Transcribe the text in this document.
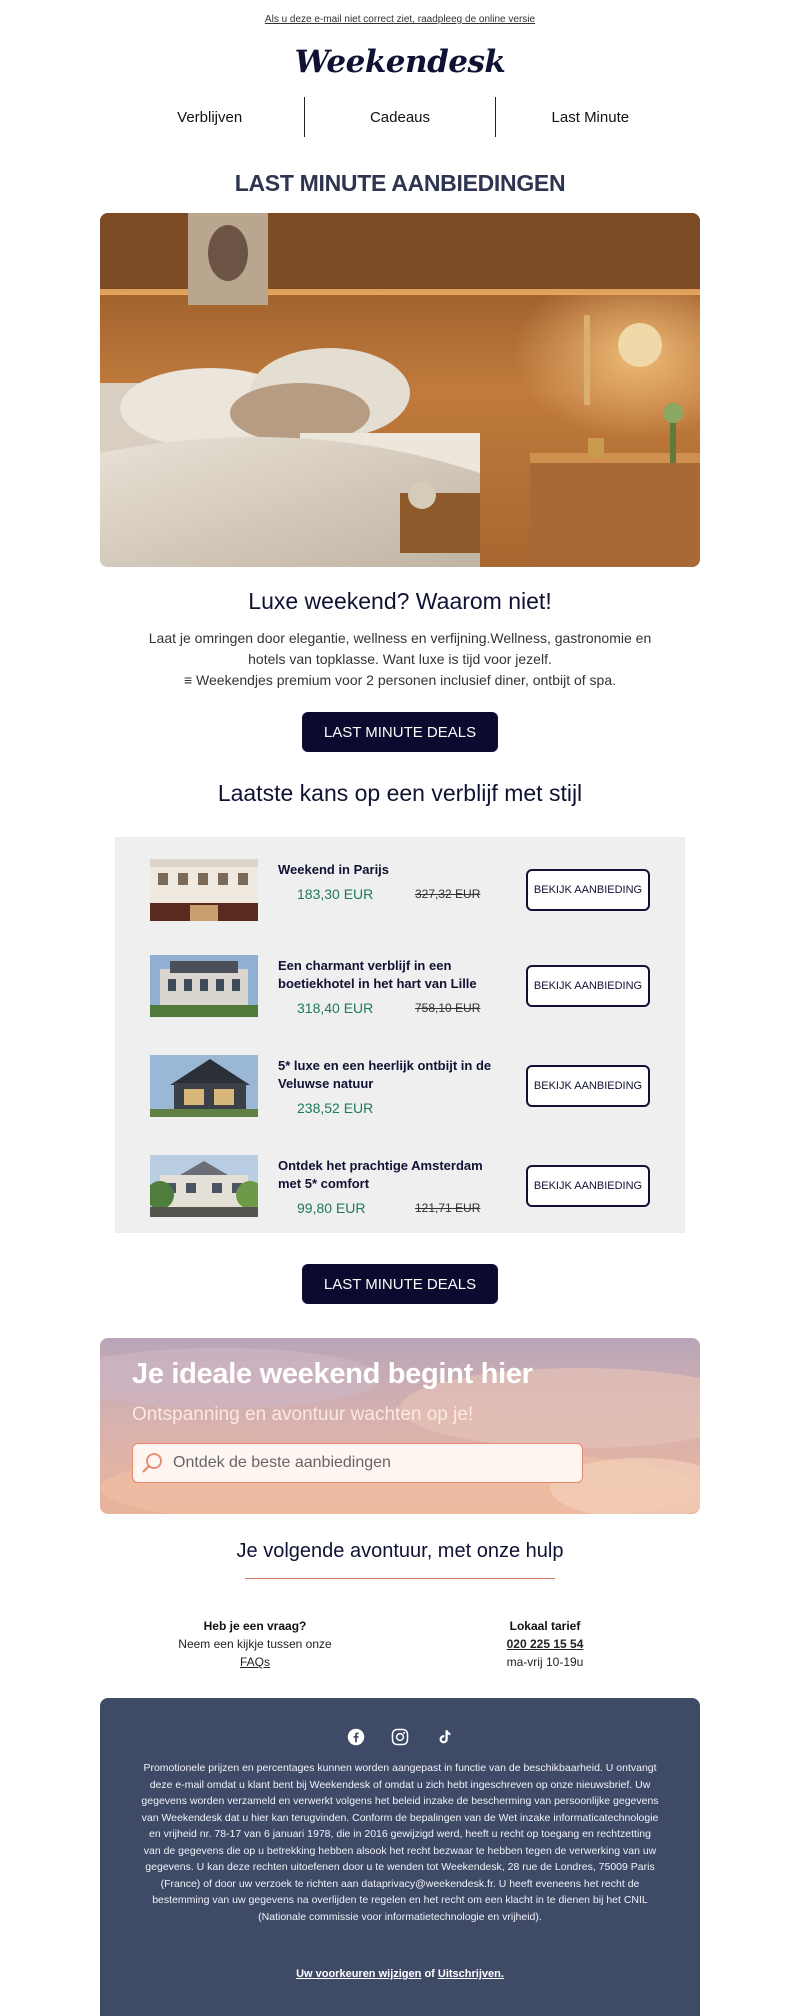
Als u deze e-mail niet correct ziet, raadpleeg de online versie
Weekendesk
Verblijven	Cadeaus	Last Minute
LAST MINUTE AANBIEDINGEN
Luxe weekend? Waarom niet!
Laat je omringen door elegantie, wellness en verfijning.Wellness, gastronomie en
hotels van topklasse. Want luxe is tijd voor jezelf.
≡ Weekendjes premium voor 2 personen inclusief diner, ontbijt of spa.
LAST MINUTE DEALS
Laatste kans op een verblijf met stijl
Weekend in Parijs
183,30 EUR	327,32 EUR	BEKIJK AANBIEDING
Een charmant verblijf in een boetiekhotel in het hart van Lille
318,40 EUR	758,10 EUR
BEKIJK AANBIEDING
5* luxe en een heerlijk ontbijt in de Veluwse natuur
238,52 EUR
BEKIJK AANBIEDING
Ontdek het prachtige Amsterdam met 5* comfort
99,80 EUR	121,71 EUR
BEKIJK AANBIEDING
LAST MINUTE DEALS
Je ideale weekend begint hier
Ontspanning en avontuur wachten op je!
Ontdek de beste aanbiedingen
Je volgende avontuur, met onze hulp
Heb je een vraag?
Neem een kijkje tussen onze
FAQs
Lokaal tarief
020 225 15 54
ma-vrij 10-19u
Promotionele prijzen en percentages kunnen worden aangepast in functie van de beschikbaarheid. U ontvangt deze e-mail omdat u klant bent bij Weekendesk of omdat u zich hebt ingeschreven op onze nieuwsbrief. Uw gegevens worden verzameld en verwerkt volgens het beleid inzake de bescherming van persoonlijke gegevens van Weekendesk dat u hier kan terugvinden. Conform de bepalingen van de Wet inzake informaticatechnologie en vrijheid nr. 78-17 van 6 januari 1978, die in 2016 gewijzigd werd, heeft u recht op toegang en rechtzetting van de gegevens die op u betrekking hebben alsook het recht bezwaar te hebben tegen de verwerking van uw gegevens. U kan deze rechten uitoefenen door u te wenden tot Weekendesk, 28 rue de Londres, 75009 Paris (France) of door uw verzoek te richten aan dataprivacy@weekendesk.fr. U heeft eveneens het recht de bestemming van uw gegevens na overlijden te regelen en het recht om een klacht in te dienen bij het CNIL (Nationale commissie voor informatietechnologie en vrijheid).
Uw voorkeuren wijzigen of Uitschrijven.
